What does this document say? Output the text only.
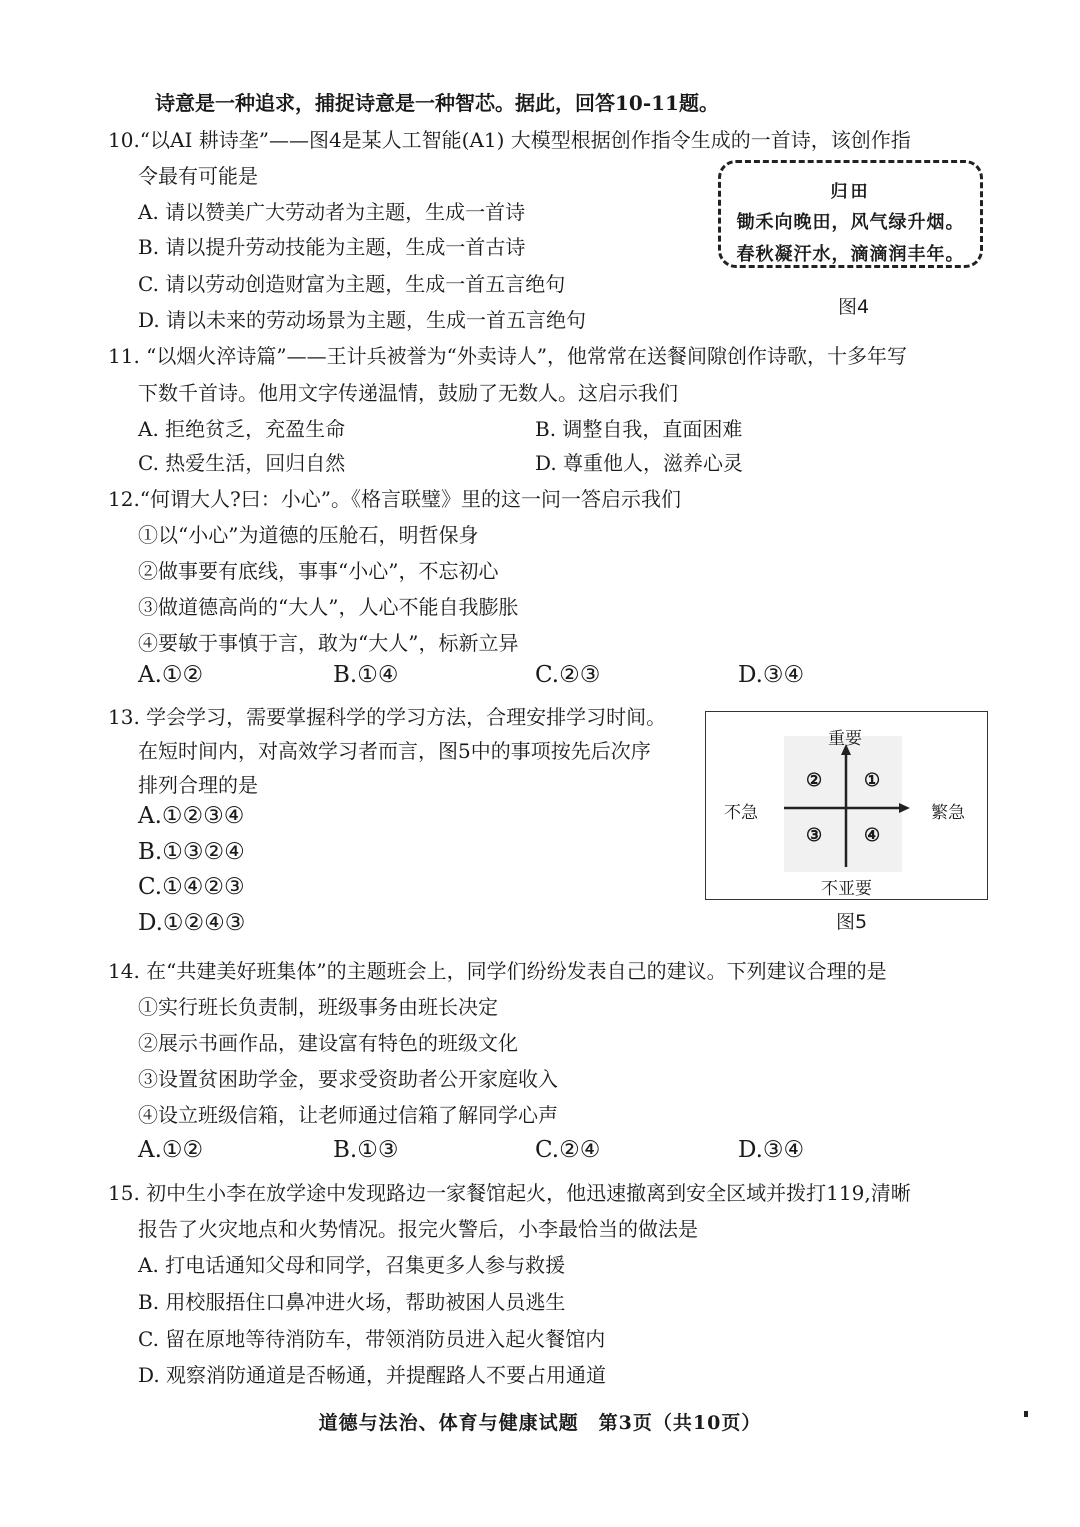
诗意是一种追求，捕捉诗意是一种智芯。据此，回答10-11题。
10.“以AI 耕诗垄”——图4是某人工智能(A1) 大模型根据创作指令生成的一首诗，该创作指
令最有可能是
A. 请以赞美广大劳动者为主题，生成一首诗
B. 请以提升劳动技能为主题，生成一首古诗
C. 请以劳动创造财富为主题，生成一首五言绝句
D. 请以未来的劳动场景为主题，生成一首五言绝句
归田
锄禾向晚田，风气绿升烟。
春秋凝汗水，滴滴润丰年。
图4
11. “以烟火淬诗篇”——王计兵被誉为“外卖诗人”，他常常在送餐间隙创作诗歌，十多年写
下数千首诗。他用文字传递温情，鼓励了无数人。这启示我们
A. 拒绝贫乏，充盈生命	B. 调整自我，直面困难
C. 热爱生活，回归自然	D. 尊重他人，滋养心灵
12.“何谓大人?曰：小心”。《格言联璧》里的这一问一答启示我们
①以“小心”为道德的压舱石，明哲保身
②做事要有底线，事事“小心”，不忘初心
③做道德高尚的“大人”，人心不能自我膨胀
④要敏于事慎于言，敢为“大人”，标新立异
A.①②	B.①④	C.②③	D.③④
13. 学会学习，需要掌握科学的学习方法，合理安排学习时间。
在短时间内，对高效学习者而言，图5中的事项按先后次序
排列合理的是
A.①②③④
B.①③②④
C.①④②③
D.①②④③
重要
不亚要
不急	繁急
② ①
③ ④
图5
14. 在“共建美好班集体”的主题班会上，同学们纷纷发表自己的建议。下列建议合理的是
①实行班长负责制，班级事务由班长决定
②展示书画作品，建设富有特色的班级文化
③设置贫困助学金，要求受资助者公开家庭收入
④设立班级信箱，让老师通过信箱了解同学心声
A.①②	B.①③	C.②④	D.③④
15. 初中生小李在放学途中发现路边一家餐馆起火，他迅速撤离到安全区域并拨打119,清晰
报告了火灾地点和火势情况。报完火警后，小李最恰当的做法是
A. 打电话通知父母和同学，召集更多人参与救援
B. 用校服捂住口鼻冲进火场，帮助被困人员逃生
C. 留在原地等待消防车，带领消防员进入起火餐馆内
D. 观察消防通道是否畅通，并提醒路人不要占用通道
道德与法治、体育与健康试题　第3页（共10页）
